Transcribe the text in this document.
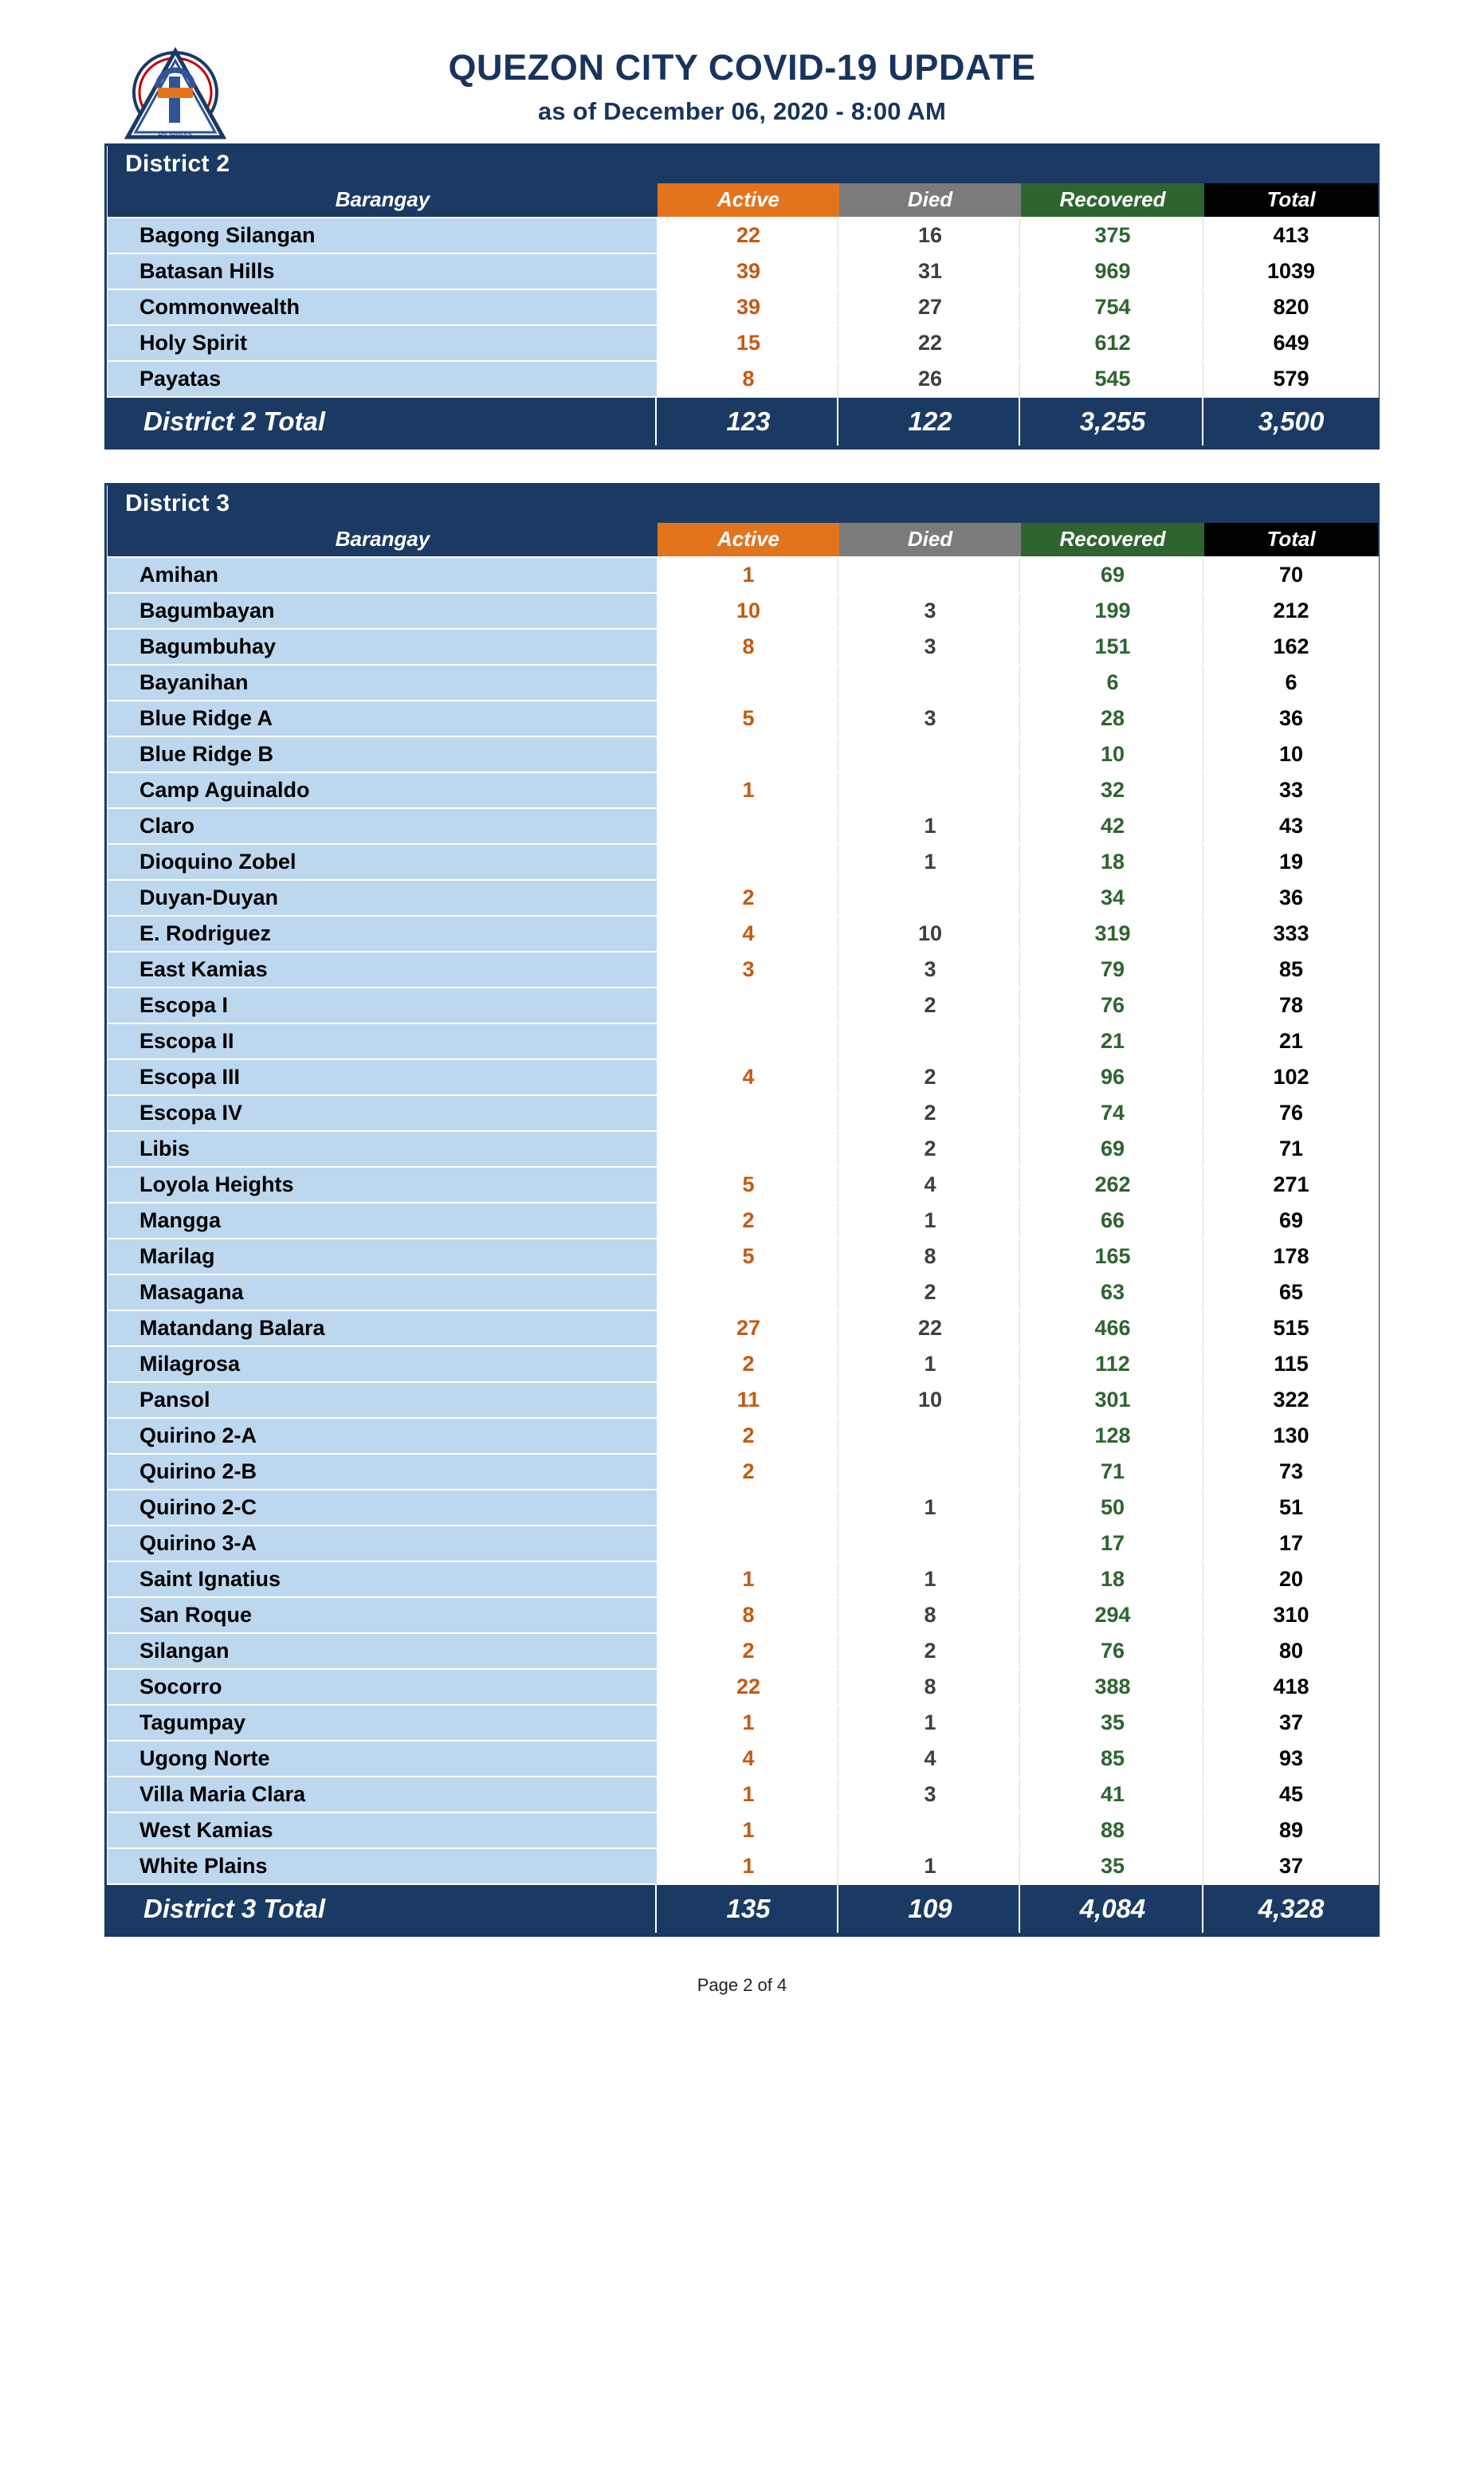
PILIPINAS
QUEZON CITY COVID-19 UPDATE
as of December 06, 2020 - 8:00 AM
District 2				
Barangay	Active	Died	Recovered	Total
Bagong Silangan	22	16	375	413
Batasan Hills	39	31	969	1039
Commonwealth	39	27	754	820
Holy Spirit	15	22	612	649
Payatas	8	26	545	579
District 2 Total	123	122	3,255	3,500
District 3				
Barangay	Active	Died	Recovered	Total
Amihan	1		69	70
Bagumbayan	10	3	199	212
Bagumbuhay	8	3	151	162
Bayanihan			6	6
Blue Ridge A	5	3	28	36
Blue Ridge B			10	10
Camp Aguinaldo	1		32	33
Claro		1	42	43
Dioquino Zobel		1	18	19
Duyan-Duyan	2		34	36
E. Rodriguez	4	10	319	333
East Kamias	3	3	79	85
Escopa I		2	76	78
Escopa II			21	21
Escopa III	4	2	96	102
Escopa IV		2	74	76
Libis		2	69	71
Loyola Heights	5	4	262	271
Mangga	2	1	66	69
Marilag	5	8	165	178
Masagana		2	63	65
Matandang Balara	27	22	466	515
Milagrosa	2	1	112	115
Pansol	11	10	301	322
Quirino 2-A	2		128	130
Quirino 2-B	2		71	73
Quirino 2-C		1	50	51
Quirino 3-A			17	17
Saint Ignatius	1	1	18	20
San Roque	8	8	294	310
Silangan	2	2	76	80
Socorro	22	8	388	418
Tagumpay	1	1	35	37
Ugong Norte	4	4	85	93
Villa Maria Clara	1	3	41	45
West Kamias	1		88	89
White Plains	1	1	35	37
District 3 Total	135	109	4,084	4,328
Page 2 of 4
